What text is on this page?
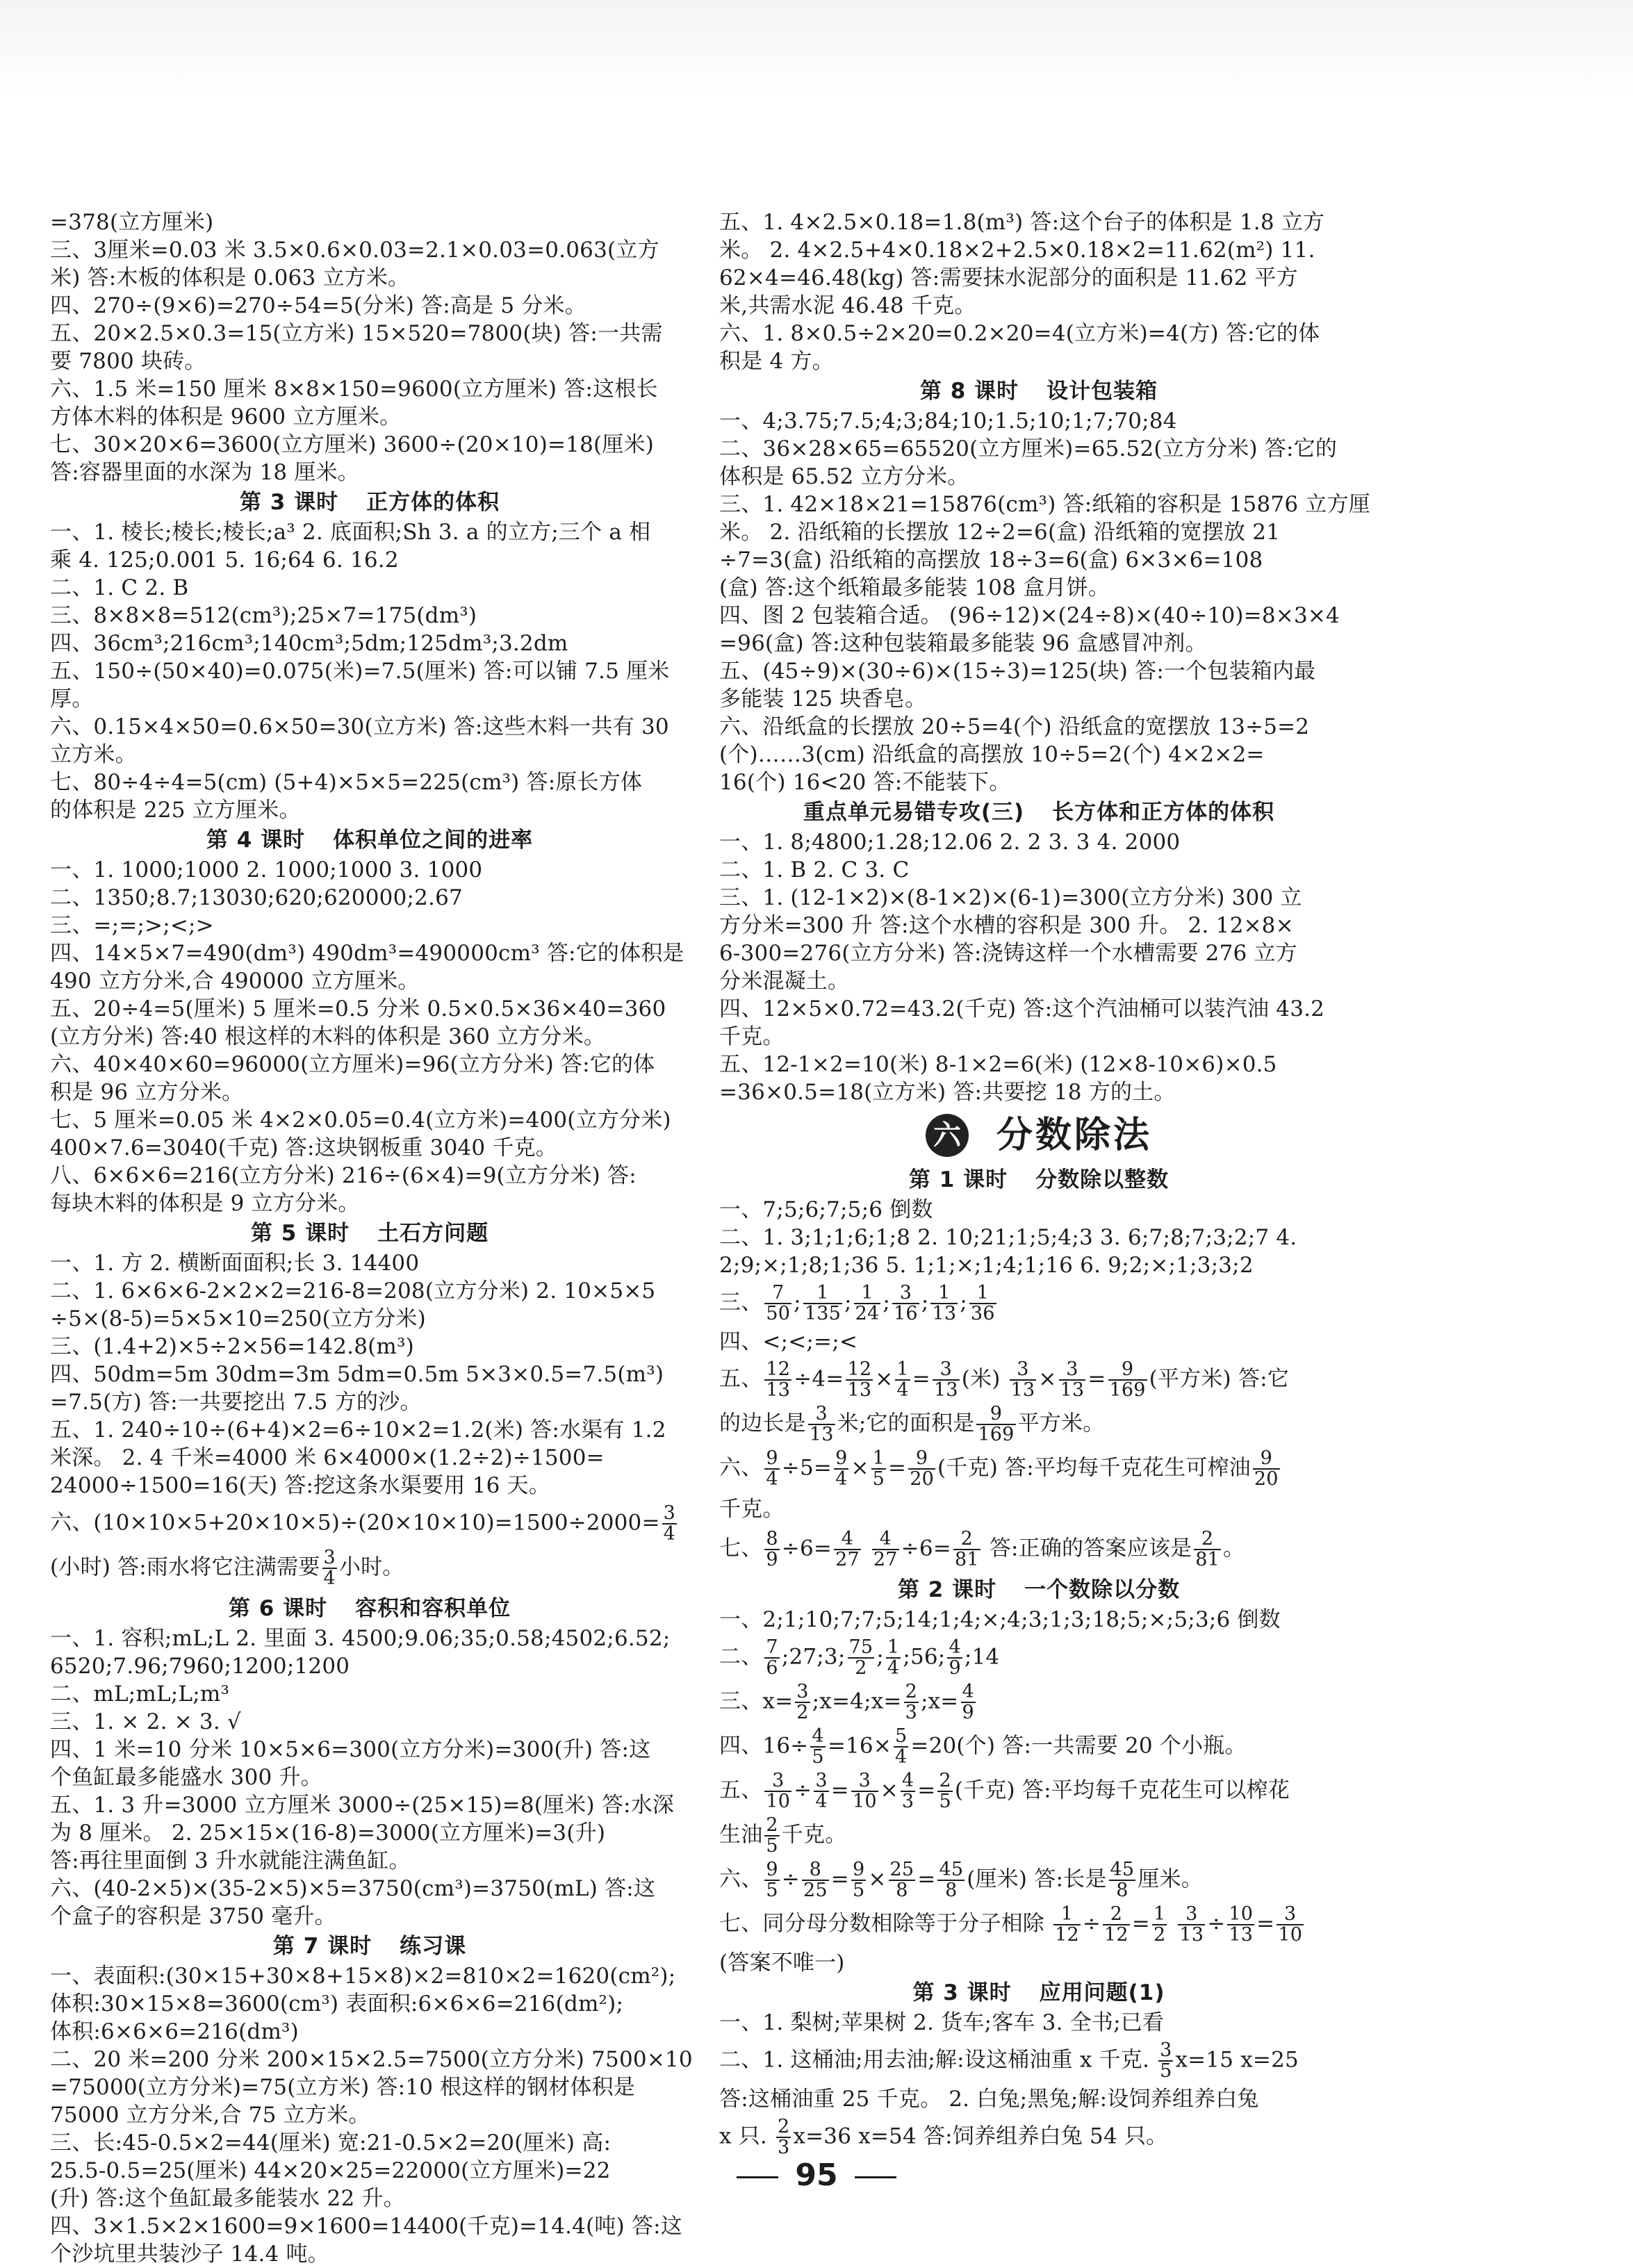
=378(立方厘米)
三、3厘米=0.03 米 3.5×0.6×0.03=2.1×0.03=0.063(立方
米) 答:木板的体积是 0.063 立方米。
四、270÷(9×6)=270÷54=5(分米) 答:高是 5 分米。
五、20×2.5×0.3=15(立方米) 15×520=7800(块) 答:一共需
要 7800 块砖。
六、1.5 米=150 厘米 8×8×150=9600(立方厘米) 答:这根长
方体木料的体积是 9600 立方厘米。
七、30×20×6=3600(立方厘米) 3600÷(20×10)=18(厘米)
答:容器里面的水深为 18 厘米。
第 3 课时 正方体的体积
一、1. 棱长;棱长;棱长;a³ 2. 底面积;Sh 3. a 的立方;三个 a 相
乘 4. 125;0.001 5. 16;64 6. 16.2
二、1. C 2. B
三、8×8×8=512(cm³);25×7=175(dm³)
四、36cm³;216cm³;140cm³;5dm;125dm³;3.2dm
五、150÷(50×40)=0.075(米)=7.5(厘米) 答:可以铺 7.5 厘米
厚。
六、0.15×4×50=0.6×50=30(立方米) 答:这些木料一共有 30
立方米。
七、80÷4÷4=5(cm) (5+4)×5×5=225(cm³) 答:原长方体
的体积是 225 立方厘米。
第 4 课时 体积单位之间的进率
一、1. 1000;1000 2. 1000;1000 3. 1000
二、1350;8.7;13030;620;620000;2.67
三、=;=;>;<;>
四、14×5×7=490(dm³) 490dm³=490000cm³ 答:它的体积是
490 立方分米,合 490000 立方厘米。
五、20÷4=5(厘米) 5 厘米=0.5 分米 0.5×0.5×36×40=360
(立方分米) 答:40 根这样的木料的体积是 360 立方分米。
六、40×40×60=96000(立方厘米)=96(立方分米) 答:它的体
积是 96 立方分米。
七、5 厘米=0.05 米 4×2×0.05=0.4(立方米)=400(立方分米)
400×7.6=3040(千克) 答:这块钢板重 3040 千克。
八、6×6×6=216(立方分米) 216÷(6×4)=9(立方分米) 答:
每块木料的体积是 9 立方分米。
第 5 课时 土石方问题
一、1. 方 2. 横断面面积;长 3. 14400
二、1. 6×6×6-2×2×2=216-8=208(立方分米) 2. 10×5×5
÷5×(8-5)=5×5×10=250(立方分米)
三、(1.4+2)×5÷2×56=142.8(m³)
四、50dm=5m 30dm=3m 5dm=0.5m 5×3×0.5=7.5(m³)
=7.5(方) 答:一共要挖出 7.5 方的沙。
五、1. 240÷10÷(6+4)×2=6÷10×2=1.2(米) 答:水渠有 1.2
米深。 2. 4 千米=4000 米 6×4000×(1.2÷2)÷1500=
24000÷1500=16(天) 答:挖这条水渠要用 16 天。
六、$(10\times 10\times 5+20\times 10\times 5)\div(20\times 10\times 10)=1500\div 2000= \frac{3}{4}$
(小时) 答:雨水将它注满需要 $\frac{3}{4}$ 小时。
第 6 课时 容积和容积单位
一、1. 容积;mL;L 2. 里面 3. 4500;9.06;35;0.58;4502;6.52;
6520;7.96;7960;1200;1200
二、mL;mL;L;m³
三、1. × 2. × 3. √
四、1 米=10 分米 10×5×6=300(立方分米)=300(升) 答:这
个鱼缸最多能盛水 300 升。
五、1. 3 升=3000 立方厘米 3000÷(25×15)=8(厘米) 答:水深
为 8 厘米。 2. 25×15×(16-8)=3000(立方厘米)=3(升)
答:再往里面倒 3 升水就能注满鱼缸。
六、(40-2×5)×(35-2×5)×5=3750(cm³)=3750(mL) 答:这
个盒子的容积是 3750 毫升。
第 7 课时 练习课
一、表面积:(30×15+30×8+15×8)×2=810×2=1620(cm²);
体积:30×15×8=3600(cm³) 表面积:6×6×6=216(dm²);
体积:6×6×6=216(dm³)
二、20 米=200 分米 200×15×2.5=7500(立方分米) 7500×10
=75000(立方分米)=75(立方米) 答:10 根这样的钢材体积是
75000 立方分米,合 75 立方米。
三、长:45-0.5×2=44(厘米) 宽:21-0.5×2=20(厘米) 高:
25.5-0.5=25(厘米) 44×20×25=22000(立方厘米)=22
(升) 答:这个鱼缸最多能装水 22 升。
四、3×1.5×2×1600=9×1600=14400(千克)=14.4(吨) 答:这
个沙坑里共装沙子 14.4 吨。
五、1. 4×2.5×0.18=1.8(m³) 答:这个台子的体积是 1.8 立方
米。 2. 4×2.5+4×0.18×2+2.5×0.18×2=11.62(m²) 11.
62×4=46.48(kg) 答:需要抹水泥部分的面积是 11.62 平方
米,共需水泥 46.48 千克。
六、1. 8×0.5÷2×20=0.2×20=4(立方米)=4(方) 答:它的体
积是 4 方。
第 8 课时 设计包装箱
一、4;3.75;7.5;4;3;84;10;1.5;10;1;7;70;84
二、36×28×65=65520(立方厘米)=65.52(立方分米) 答:它的
体积是 65.52 立方分米。
三、1. 42×18×21=15876(cm³) 答:纸箱的容积是 15876 立方厘
米。 2. 沿纸箱的长摆放 12÷2=6(盒) 沿纸箱的宽摆放 21
÷7=3(盒) 沿纸箱的高摆放 18÷3=6(盒) 6×3×6=108
(盒) 答:这个纸箱最多能装 108 盒月饼。
四、图 2 包装箱合适。 (96÷12)×(24÷8)×(40÷10)=8×3×4
=96(盒) 答:这种包装箱最多能装 96 盒感冒冲剂。
五、(45÷9)×(30÷6)×(15÷3)=125(块) 答:一个包装箱内最
多能装 125 块香皂。
六、沿纸盒的长摆放 20÷5=4(个) 沿纸盒的宽摆放 13÷5=2
(个)……3(cm) 沿纸盒的高摆放 10÷5=2(个) 4×2×2=
16(个) 16<20 答:不能装下。
重点单元易错专攻(三) 长方体和正方体的体积
一、1. 8;4800;1.28;12.06 2. 2 3. 3 4. 2000
二、1. B 2. C 3. C
三、1. (12-1×2)×(8-1×2)×(6-1)=300(立方分米) 300 立
方分米=300 升 答:这个水槽的容积是 300 升。 2. 12×8×
6-300=276(立方分米) 答:浇铸这样一个水槽需要 276 立方
分米混凝土。
四、12×5×0.72=43.2(千克) 答:这个汽油桶可以装汽油 43.2
千克。
五、12-1×2=10(米) 8-1×2=6(米) (12×8-10×6)×0.5
=36×0.5=18(立方米) 答:共要挖 18 方的土。
六 分数除法
第 1 课时 分数除以整数
一、7;5;6;7;5;6 倒数
二、1. 3;1;1;6;1;8 2. 10;21;1;5;4;3 3. 6;7;8;7;3;2;7 4.
2;9;×;1;8;1;36 5. 1;1;×;1;4;1;16 6. 9;2;×;1;3;3;2
三、 $\frac{7}{50}$ ; $\frac{1}{135}$ ; $\frac{1}{24}$ ; $\frac{3}{16}$ ; $\frac{1}{13}$ ; $\frac{1}{36}$
四、<;<;=;<
五、 $\frac{12}{13} \div 4= \frac{12}{13} \times \frac{1}{4} = \frac{3}{13}$ (米) $\frac{3}{13} \times \frac{3}{13} = \frac{9}{169}$ (平方米) 答:它
的边长是 $\frac{3}{13}$ 米;它的面积是 $\frac{9}{169}$ 平方米。
六、 $\frac{9}{4} \div 5= \frac{9}{4} \times \frac{1}{5} = \frac{9}{20}$ (千克) 答:平均每千克花生可榨油 $\frac{9}{20}$
千克。
七、 $\frac{8}{9} \div 6= \frac{4}{27}$
$\frac{4}{27} \div 6= \frac{2}{81}$ 答:正确的答案应该是 $\frac{2}{81}$ 。
第 2 课时 一个数除以分数
一、2;1;10;7;7;5;14;1;4;×;4;3;1;3;18;5;×;5;3;6 倒数
二、 $\frac{7}{6}$ ;27;3; $\frac{75}{2}$ ; $\frac{1}{4}$ ;56; $\frac{4}{9}$ ;14
三、$x= \frac{3}{2}$ ;x=4;x= $\frac{2}{3}$ ;x= $\frac{4}{9}$
四、$16\div \frac{4}{5} =16\times \frac{5}{4} =20$(个) 答:一共需要 20 个小瓶。
五、 $\frac{3}{10} \div \frac{3}{4} = \frac{3}{10} \times \frac{4}{3} = \frac{2}{5}$ (千克) 答:平均每千克花生可以榨花
生油 $\frac{2}{5}$ 千克。
六、 $\frac{9}{5} \div \frac{8}{25} = \frac{9}{5} \times \frac{25}{8} = \frac{45}{8}$ (厘米) 答:长是 $\frac{45}{8}$ 厘米。
七、同分母分数相除等于分子相除 $\frac{1}{12} \div \frac{2}{12} = \frac{1}{2}$
$\frac{3}{13} \div \frac{10}{13} = \frac{3}{10}$
(答案不唯一)
第 3 课时 应用问题(1)
一、1. 梨树;苹果树 2. 货车;客车 3. 全书;已看
二、1. 这桶油;用去油;解:设这桶油重 x 千克. $\frac{3}{5} x=15$ x=25
答:这桶油重 25 千克。 2. 白兔;黑兔;解:设饲养组养白兔
x 只. $\frac{2}{3} x=36$ x=54 答:饲养组养白兔 54 只。
95
